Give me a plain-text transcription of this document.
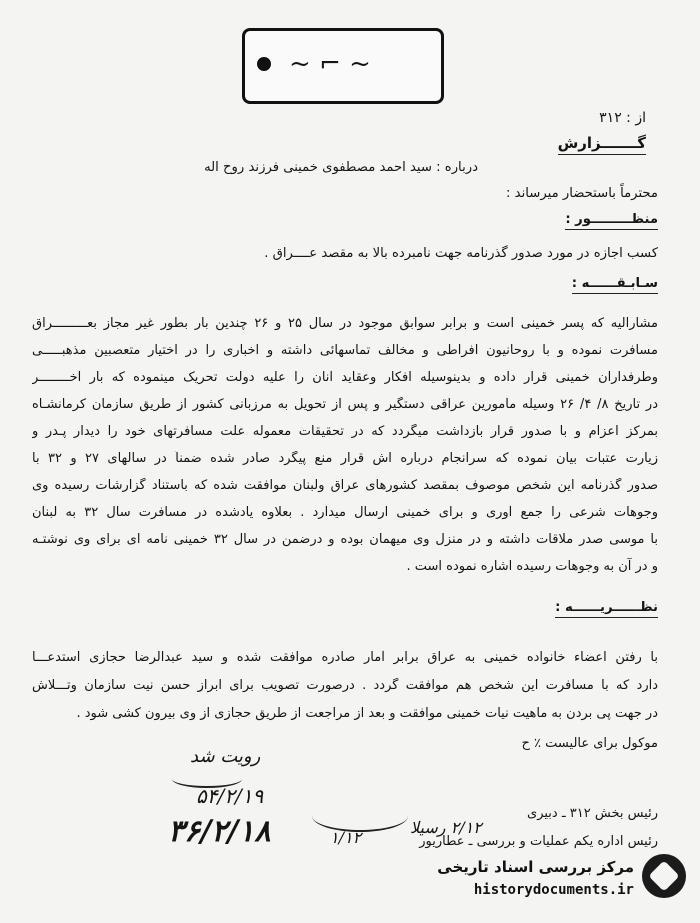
~ ⌐ ~
از : ۳۱۲
گـــــــزارش
درباره : سید احمد مصطفوی خمینی فرزند روح اله
محترماً باستحضار میرساند :
منظـــــــــور :
کسب اجازه در مورد صدور گذرنامه جهت نامبرده بالا به مقصد عــــراق .
سـابـقــــــه :
مشارالیه که پسر خمینی است و برابر سوابق موجود در سال ۲۵ و ۲۶ چندین بار بطور غیر مجاز بعـــــــــراق
مسافرت نموده و با روحانیون افراطی و مخالف تماسهائی داشته و اخباری را در اختیار متعصبین مذهبـــــی
وطرفداران خمینی قرار داده و بدینوسیله افکار وعقاید آنان را علیه دولت تحریک مینموده که بار آخــــــــر
در تاریخ ۸/ ۴/ ۲۶ وسیله مأمورین عراقی دستگیر و پس از تحویل به مرزبانی کشور از طریق سازمان کرمانشـاه
بمرکز اعزام و با صدور قرار بازداشت میگردد که در تحقیقات معموله علت مسافرتهای خود را دیدار پـدر و
زیارت عتبات بیان نموده که سرانجام درباره اش قرار منع پیگرد صادر شده ضمناً در سالهای ۲۷ و ۳۲ با
صدور گذرنامه این شخص موصوف بمقصد کشورهای عراق ولبنان موافقت شده که باستناد گزارشات رسیده وی
وجوهات شرعی را جمع آوری و برای خمینی ارسال میدارد . بعلاوه یادشده در مسافرت سال ۳۲ به لبنان
با موسی صدر ملاقات داشته و در منزل وی میهمان بوده و درضمن در سال ۳۲ خمینی نامه ای برای وی نوشتـه
و در آن به وجوهات رسیده اشاره نموده است .
نظــــــریــــــه :
با رفتن اعضاء خانواده خمینی به عراق برابر آمار صادره موافقت شده و سید عبدالرضا حجازی استدعـــا
دارد که با مسافرت این شخص هم موافقت گردد . درصورت تصویب برای ابراز حسن نیت سازمان وتـــلاش
در جهت پی بردن به ماهیت نیات خمینی موافقت و بعد از مراجعت از طریق حجازی از وی بیرون کشی شود .
موکول برای عالیست ٪ ح
رویت شد
۵۴/۲/۱۹
۳۶/۲/۱۸	۱/۱۲
۲/۱۲ رسیلا
رئیس بخش ۳۱۲ ـ دبیری
رئیس اداره یکم عملیات و بررسی ـ عطاریور
مرکز بررسی اسناد تاریخی
historydocuments.ir
